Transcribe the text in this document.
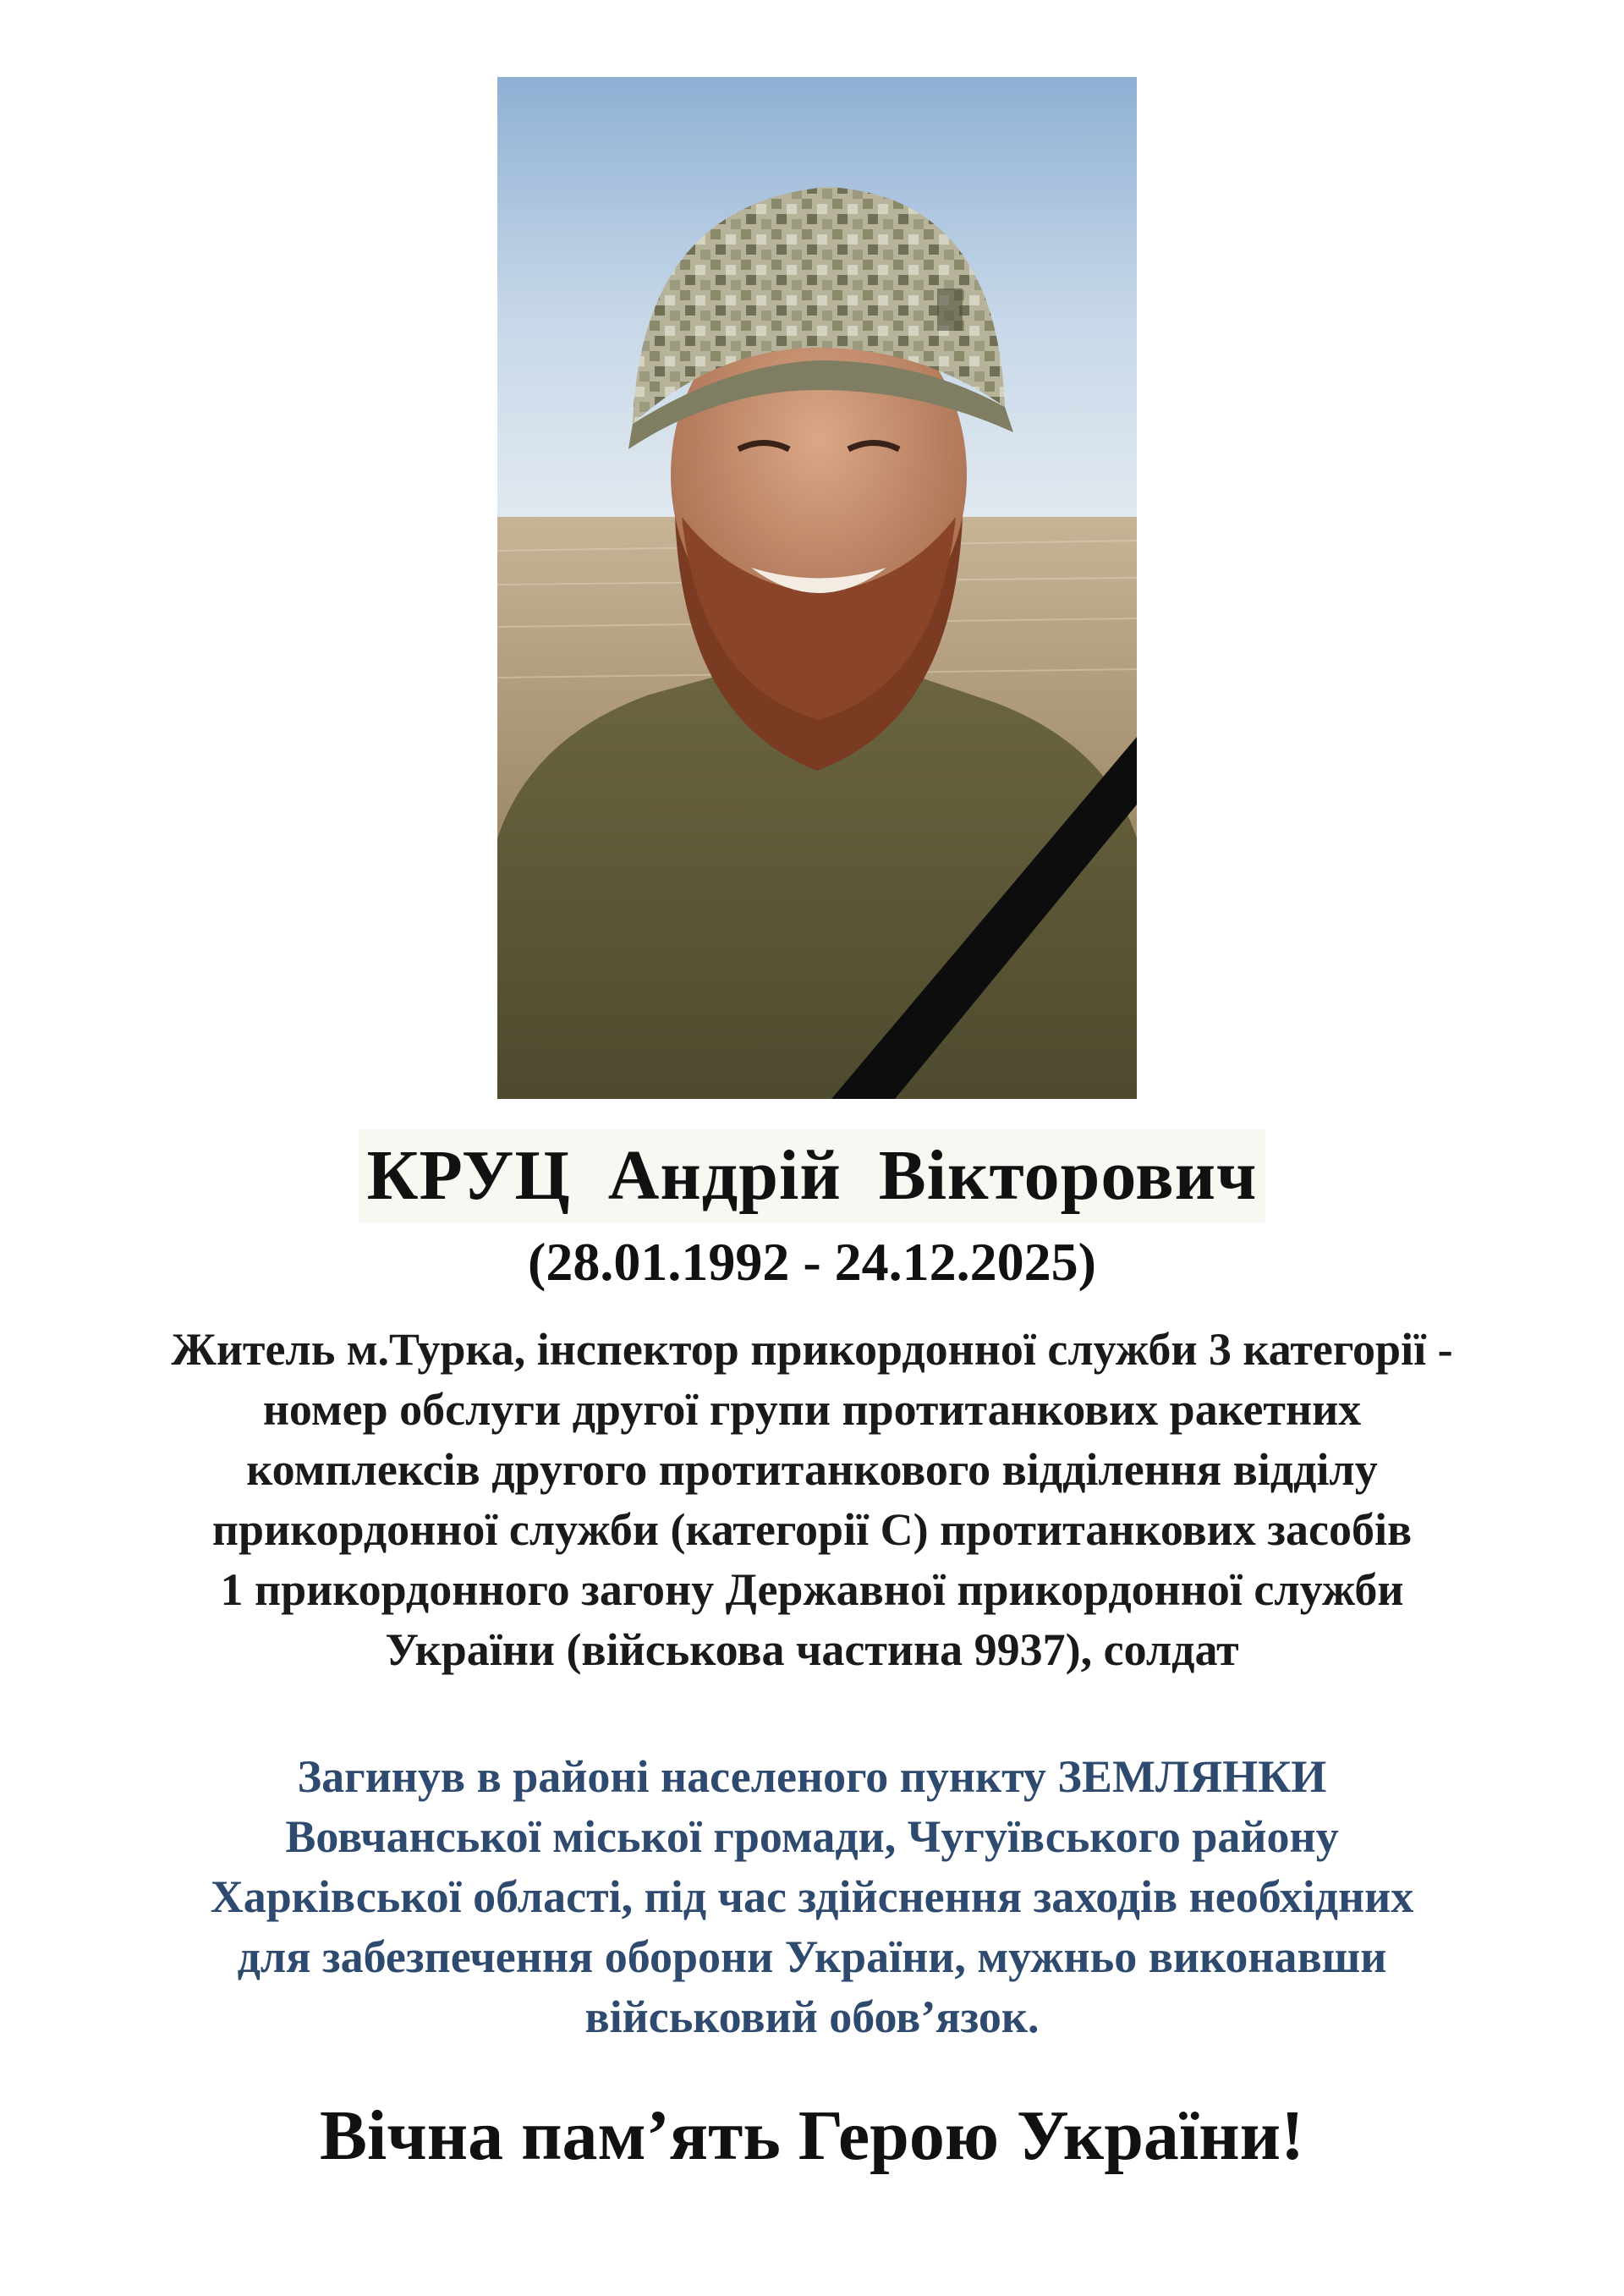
КРУЦ  Андрій  Вікторович
(28.01.1992 - 24.12.2025)
Житель м.Турка, інспектор прикордонної служби 3 категорії -
номер обслуги другої групи протитанкових ракетних
комплексів другого протитанкового відділення відділу
прикордонної служби (категорії С) протитанкових засобів
1 прикордонного загону Державної прикордонної служби
України (військова частина 9937), солдат
Загинув в районі населеного пункту ЗЕМЛЯНКИ
Вовчанської міської громади, Чугуївського району
Харківської області, під час здійснення заходів необхідних
для забезпечення оборони України, мужньо виконавши
військовий обов’язок.
Вічна пам’ять Герою України!
